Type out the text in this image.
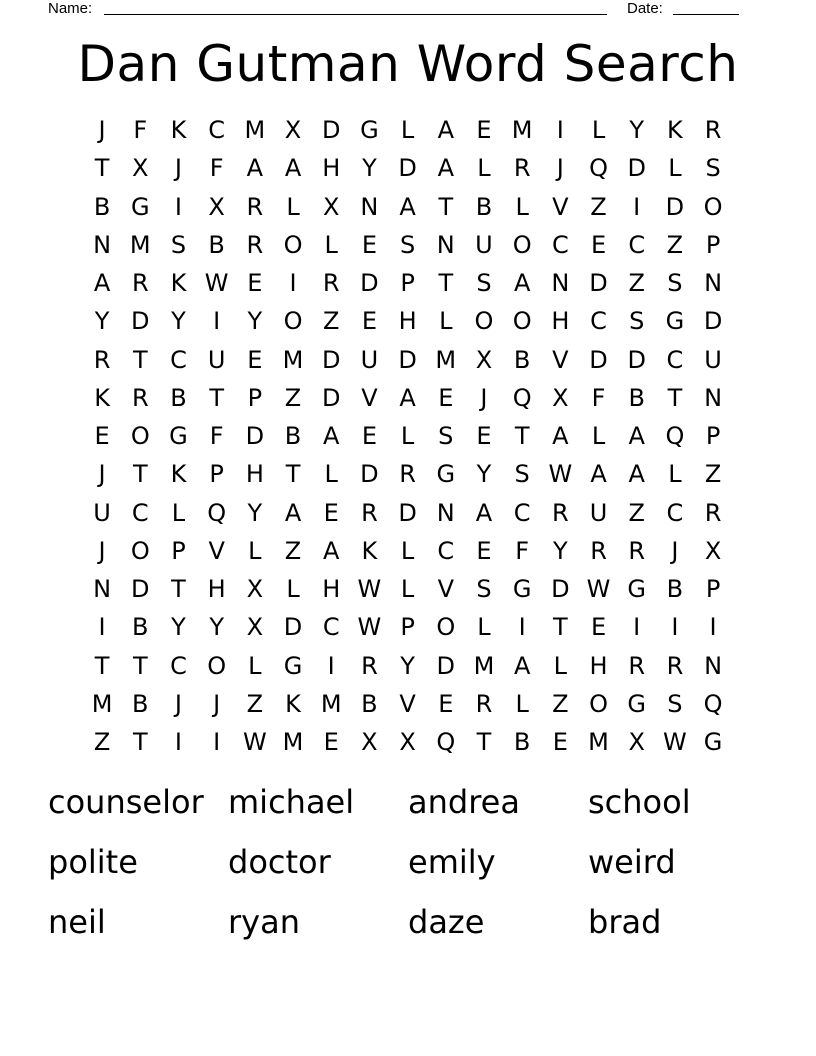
Name:	Date:
Dan Gutman Word Search
J	F K C M X D G L A E M	I	L	Y K R
T X	J	F A A H Y D A L R	J	Q D L S
B G	I	X R L X N A T B L V Z	I	D O
N M S B R O L E S N U O C E C Z P
A R K W E	I	R D P T S A N D Z S N
Y D Y	I	Y O Z E H L O O H C S G D
R T C U E M D U D M X B V D D C U
K R B T P Z D V A E	J	Q X F B T N
E O G F D B A E L S E T A L A Q P
J	T K P H T	L D R G Y S W A A L Z
U C L Q Y A E R D N A C R U Z C R
J	O P V L Z A K L C E F Y R R	J	X
N D T H X L H W L V S G D W G B P
I	B Y Y X D C W P O L	I	T E	I	I	I
T T C O L G	I	R Y D M A L H R R N
M B	J	J	Z K M B V E R L Z O G S Q
Z T	I	I W M E X X Q T B E M X W G
counselor michael	andrea	school
polite	doctor	emily	weird
neil	ryan	daze	brad
